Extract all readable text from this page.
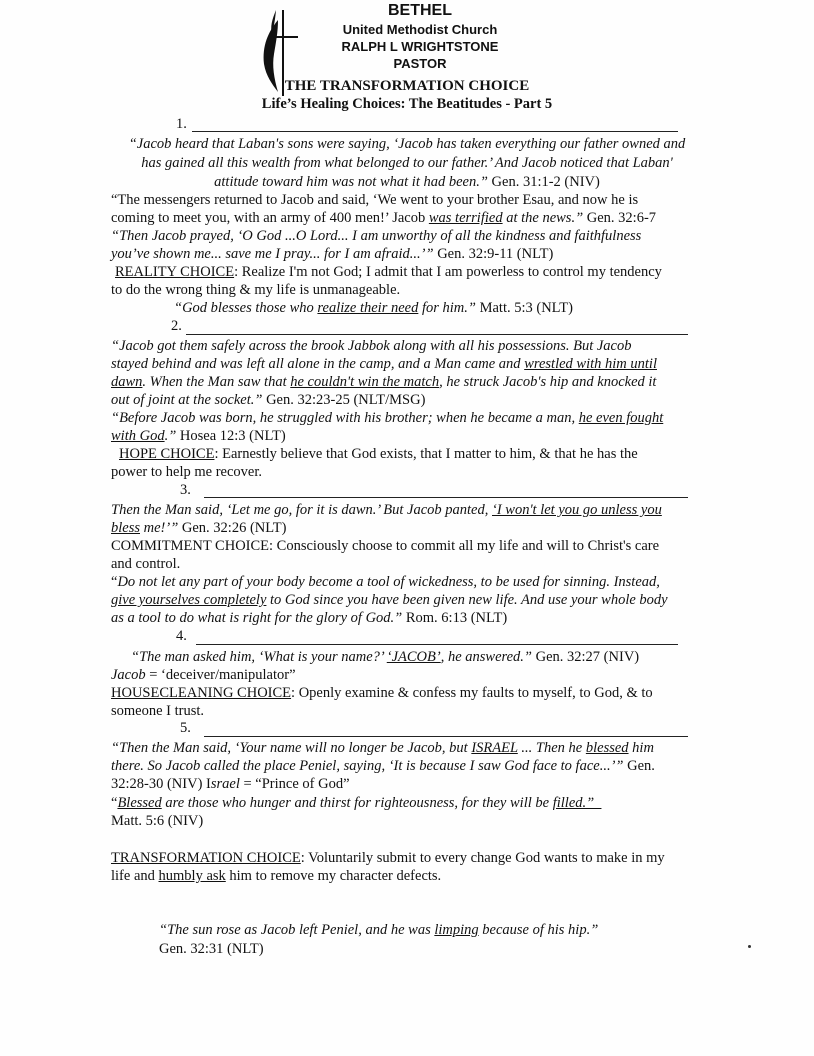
BETHEL
United Methodist Church
RALPH L WRIGHTSTONE
PASTOR
THE TRANSFORMATION CHOICE
Life’s Healing Choices: The Beatitudes - Part 5
1.
“Jacob heard that Laban's sons were saying, ‘Jacob has taken everything our father owned and
has gained all this wealth from what belonged to our father.’ And Jacob noticed that Laban'
attitude toward him was not what it had been.” Gen. 31:1-2 (NIV)
“The messengers returned to Jacob and said, ‘We went to your brother Esau, and now he is
coming to meet you, with an army of 400 men!’ Jacob was terrified at the news.” Gen. 32:6-7
“Then Jacob prayed, ‘O God ...O Lord... I am unworthy of all the kindness and faithfulness
you’ve shown me... save me I pray... for I am afraid...’” Gen. 32:9-11 (NLT)
REALITY CHOICE: Realize I'm not God; I admit that I am powerless to control my tendency
to do the wrong thing & my life is unmanageable.
“God blesses those who realize their need for him.” Matt. 5:3 (NLT)
2.
“Jacob got them safely across the brook Jabbok along with all his possessions. But Jacob
stayed behind and was left all alone in the camp, and a Man came and wrestled with him until
dawn. When the Man saw that he couldn't win the match, he struck Jacob's hip and knocked it
out of joint at the socket.” Gen. 32:23-25 (NLT/MSG)
“Before Jacob was born, he struggled with his brother; when he became a man, he even fought
with God.” Hosea 12:3 (NLT)
HOPE CHOICE: Earnestly believe that God exists, that I matter to him, & that he has the
power to help me recover.
3.
Then the Man said, ‘Let me go, for it is dawn.’ But Jacob panted, ‘I won't let you go unless you
bless me!’” Gen. 32:26 (NLT)
COMMITMENT CHOICE: Consciously choose to commit all my life and will to Christ's care
and control.
“Do not let any part of your body become a tool of wickedness, to be used for sinning. Instead,
give yourselves completely to God since you have been given new life. And use your whole body
as a tool to do what is right for the glory of God.” Rom. 6:13 (NLT)
4.
“The man asked him, ‘What is your name?’ ‘JACOB’, he answered.” Gen. 32:27 (NIV)
Jacob = ‘deceiver/manipulator”
HOUSECLEANING CHOICE: Openly examine & confess my faults to myself, to God, & to
someone I trust.
5.
“Then the Man said, ‘Your name will no longer be Jacob, but ISRAEL ... Then he blessed him
there. So Jacob called the place Peniel, saying, ‘It is because I saw God face to face...’” Gen.
32:28-30 (NIV) Israel = “Prince of God”
“Blessed are those who hunger and thirst for righteousness, for they will be filled.”
Matt. 5:6 (NIV)
TRANSFORMATION CHOICE: Voluntarily submit to every change God wants to make in my
life and humbly ask him to remove my character defects.
“The sun rose as Jacob left Peniel, and he was limping because of his hip.”
Gen. 32:31 (NLT)
